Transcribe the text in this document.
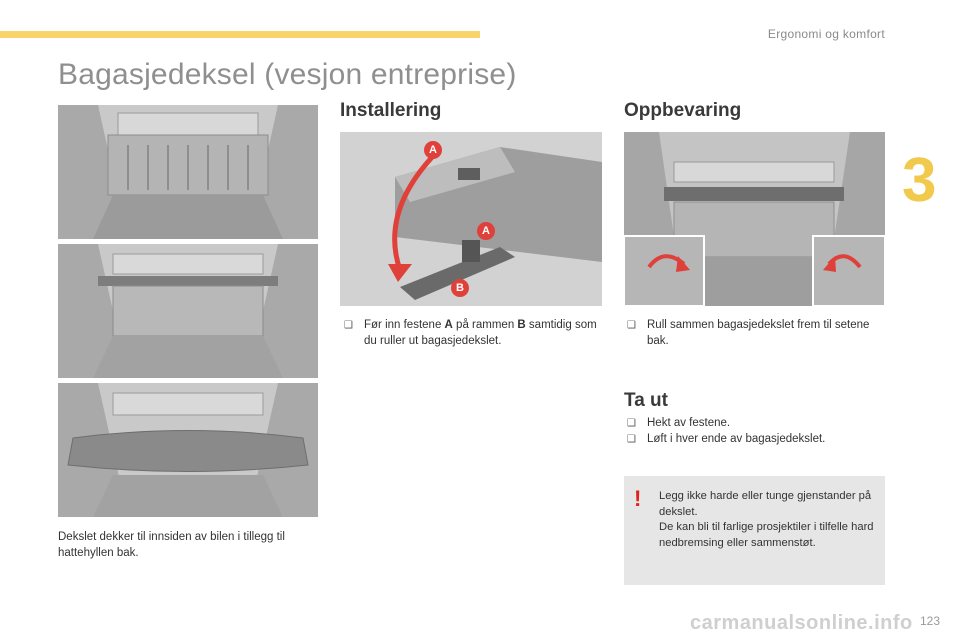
Ergonomi og komfort
3
Bagasjedeksel (vesjon entreprise)
Dekslet dekker til innsiden av bilen i tillegg til hattehyllen bak.
Installering
A
A
B
❑ Før inn festene A på rammen B samtidig som du ruller ut bagasjedekslet.
Oppbevaring
❑ Rull sammen bagasjedekslet frem til setene bak.
Ta ut
❑ Hekt av festene.
❑ Løft i hver ende av bagasjedekslet.
! Legg ikke harde eller tunge gjenstander på dekslet.
De kan bli til farlige prosjektiler i tilfelle hard nedbremsing eller sammenstøt.
carmanualsonline.info 123
